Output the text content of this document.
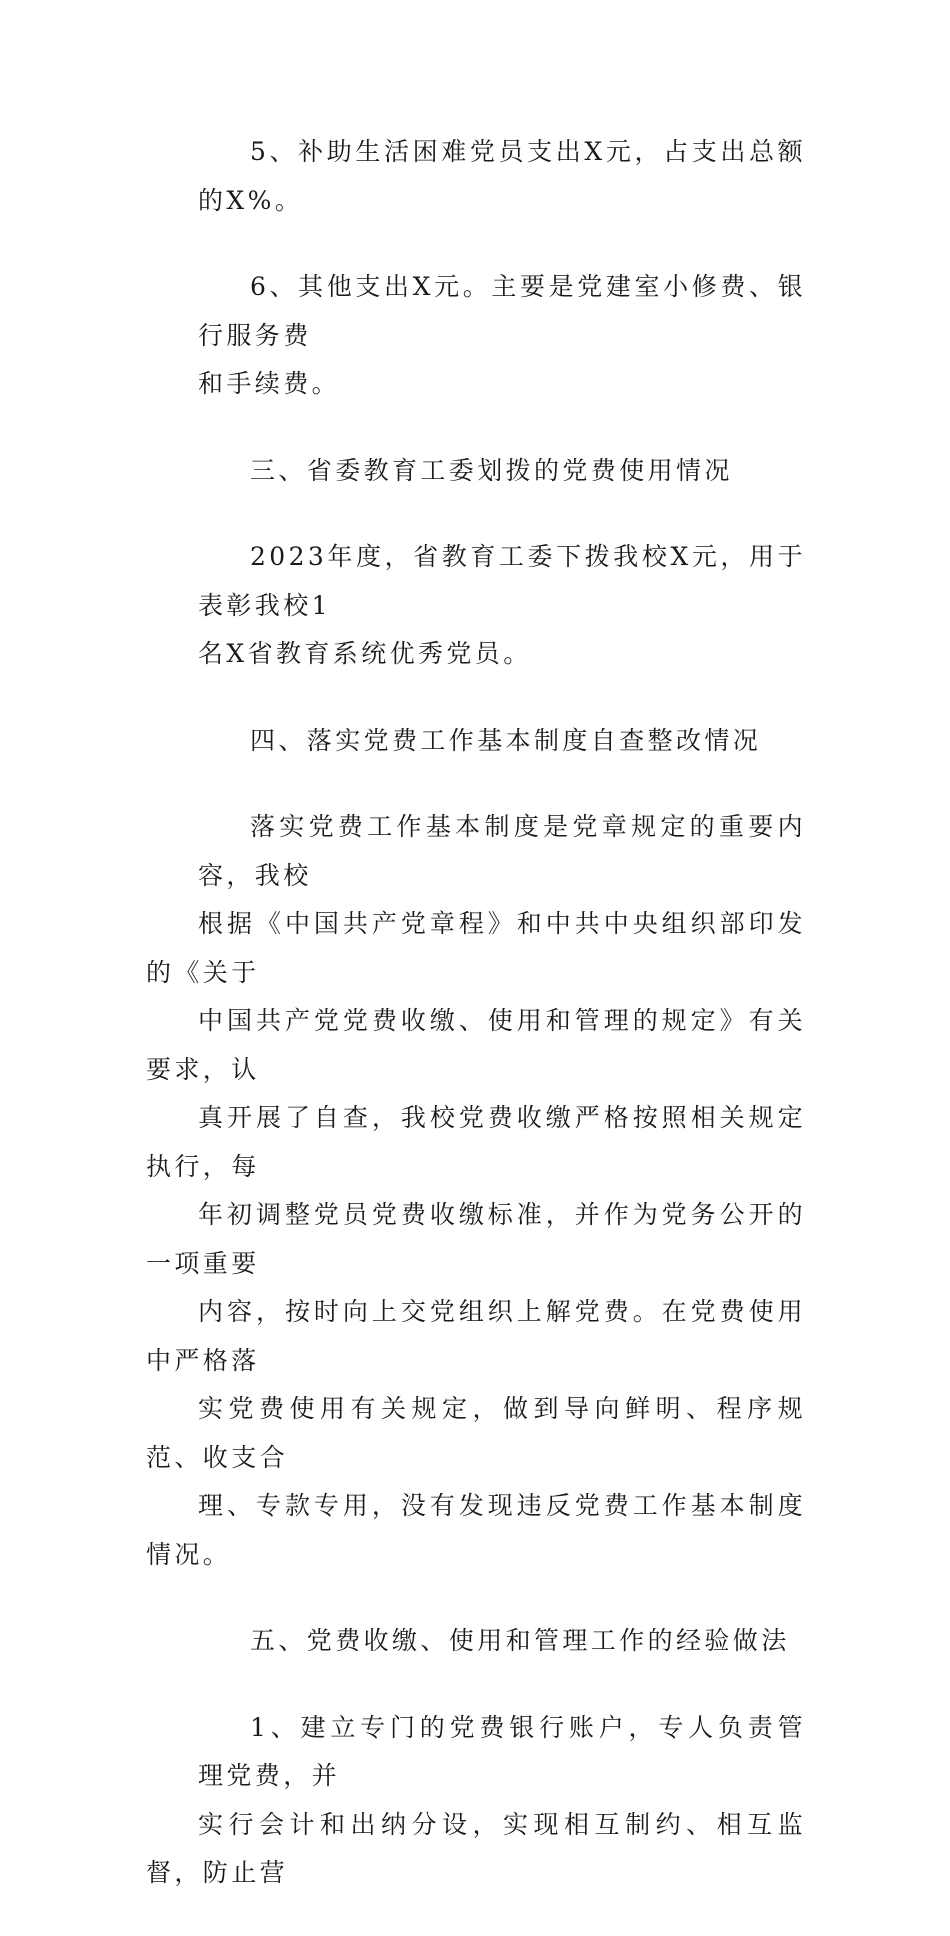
5、补助生活困难党员支出X元，占支出总额的X%。
6、其他支出X元。主要是党建室小修费、银行服务费
和手续费。
三、省委教育工委划拨的党费使用情况
2023年度，省教育工委下拨我校X元，用于表彰我校1
名X省教育系统优秀党员。
四、落实党费工作基本制度自查整改情况
落实党费工作基本制度是党章规定的重要内容，我校
根据《中国共产党章程》和中共中央组织部印发的《关于
中国共产党党费收缴、使用和管理的规定》有关要求，认
真开展了自查，我校党费收缴严格按照相关规定执行，每
年初调整党员党费收缴标准，并作为党务公开的一项重要
内容，按时向上交党组织上解党费。在党费使用中严格落
实党费使用有关规定，做到导向鲜明、程序规范、收支合
理、专款专用，没有发现违反党费工作基本制度情况。
五、党费收缴、使用和管理工作的经验做法
1、建立专门的党费银行账户，专人负责管理党费，并
实行会计和出纳分设，实现相互制约、相互监督，防止营
